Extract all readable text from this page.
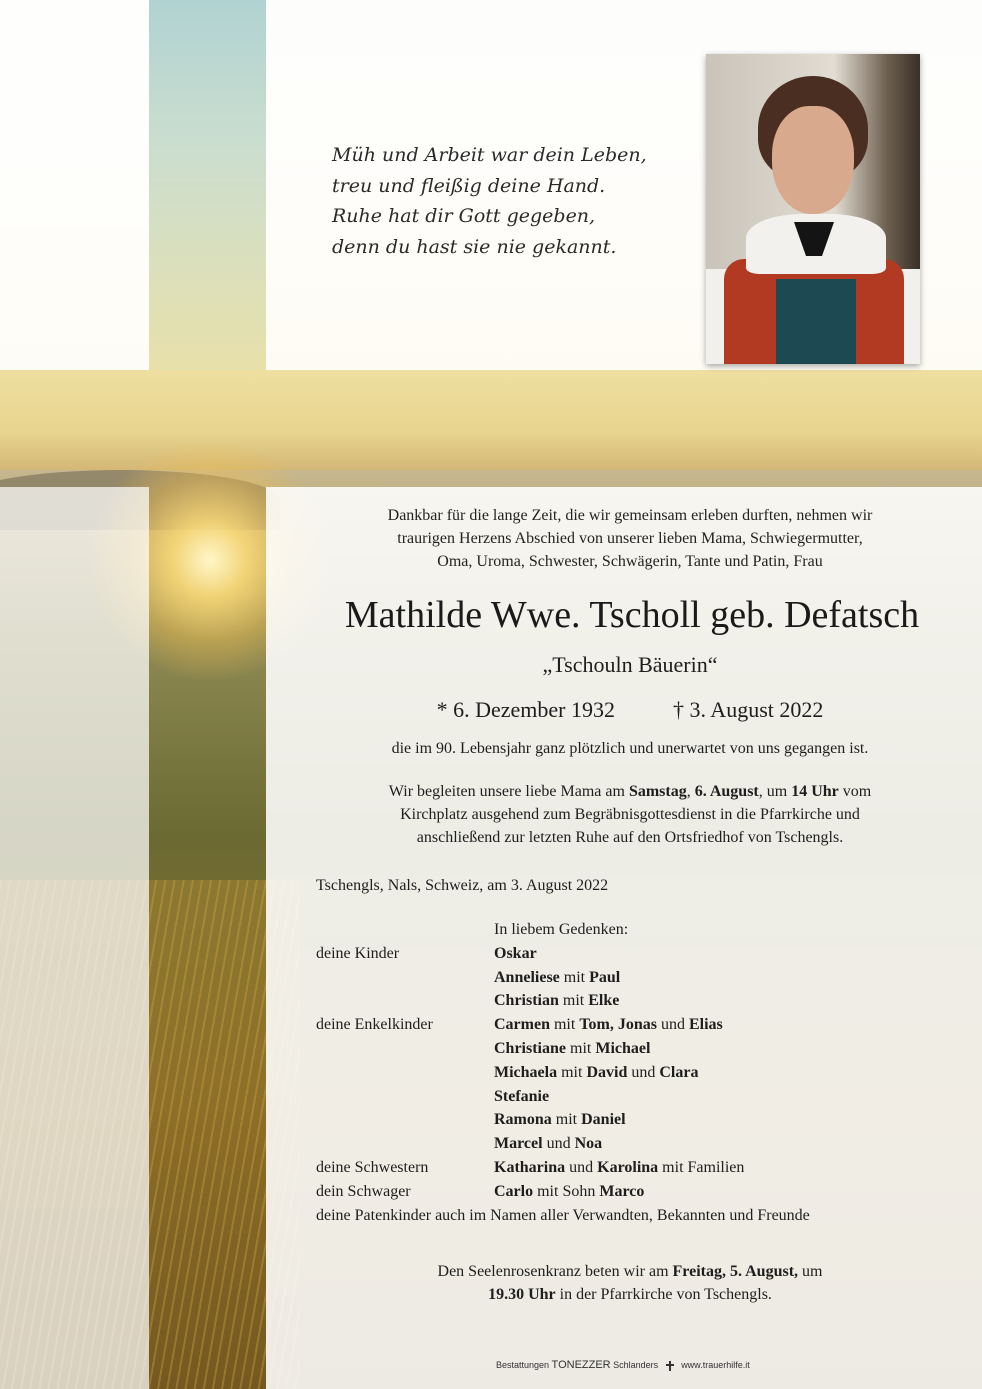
Müh und Arbeit war dein Leben,
treu und fleißig deine Hand.
Ruhe hat dir Gott gegeben,
denn du hast sie nie gekannt.
Dankbar für die lange Zeit, die wir gemeinsam erleben durften, nehmen wir
traurigen Herzens Abschied von unserer lieben Mama, Schwiegermutter,
Oma, Uroma, Schwester, Schwägerin, Tante und Patin, Frau
Mathilde Wwe. Tscholl geb. Defatsch
„Tschouln Bäuerin“
* 6. Dezember 1932	† 3. August 2022
die im 90. Lebensjahr ganz plötzlich und unerwartet von uns gegangen ist.
Wir begleiten unsere liebe Mama am Samstag, 6. August, um 14 Uhr vom
Kirchplatz ausgehend zum Begräbnisgottesdienst in die Pfarrkirche und
anschließend zur letzten Ruhe auf den Ortsfriedhof von Tschengls.
Tschengls, Nals, Schweiz, am 3. August 2022
In liebem Gedenken:
deine Kinder	Oskar
Anneliese mit Paul
Christian mit Elke
deine Enkelkinder	Carmen mit Tom, Jonas und Elias
Christiane mit Michael
Michaela mit David und Clara
Stefanie
Ramona mit Daniel
Marcel und Noa
deine Schwestern	Katharina und Karolina mit Familien
dein Schwager	Carlo mit Sohn Marco
deine Patenkinder auch im Namen aller Verwandten, Bekannten und Freunde
Den Seelenrosenkranz beten wir am Freitag, 5. August, um
19.30 Uhr in der Pfarrkirche von Tschengls.
Bestattungen TONEZZER Schlanders	www.trauerhilfe.it
